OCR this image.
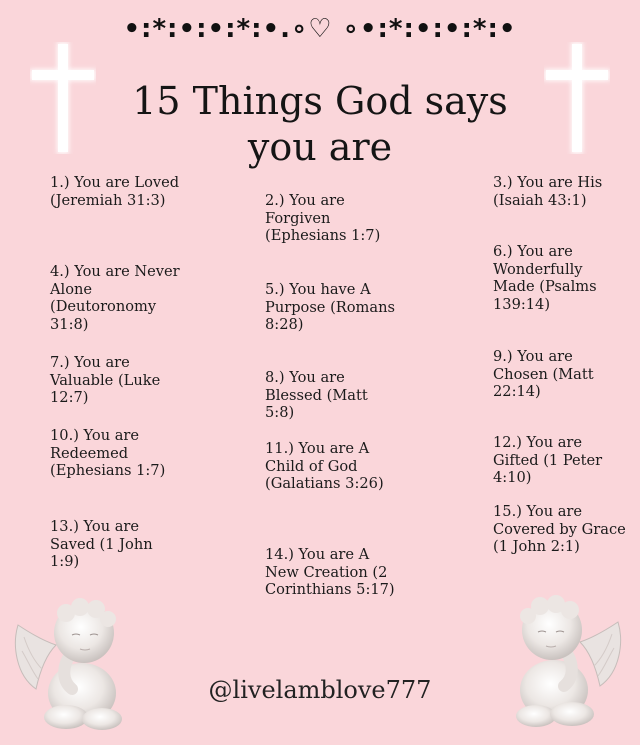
•:*:•:•:*:•.∘♡ ∘•:*:•:•:*:•
15 Things God says
you are
1.) You are Loved (Jeremiah 31:3)
4.) You are Never Alone (Deutoronomy 31:8)
7.) You are Valuable (Luke 12:7)
10.) You are Redeemed (Ephesians 1:7)
13.) You are Saved (1 John 1:9)
2.) You are Forgiven (Ephesians 1:7)
5.) You have A Purpose (Romans 8:28)
8.) You are Blessed (Matt 5:8)
11.) You are A Child of God (Galatians 3:26)
14.) You are A New Creation (2 Corinthians 5:17)
3.) You are His (Isaiah 43:1)
6.) You are Wonderfully Made (Psalms 139:14)
9.) You are Chosen (Matt 22:14)
12.) You are Gifted (1 Peter 4:10)
15.) You are Covered by Grace (1 John 2:1)
@livelamblove777
